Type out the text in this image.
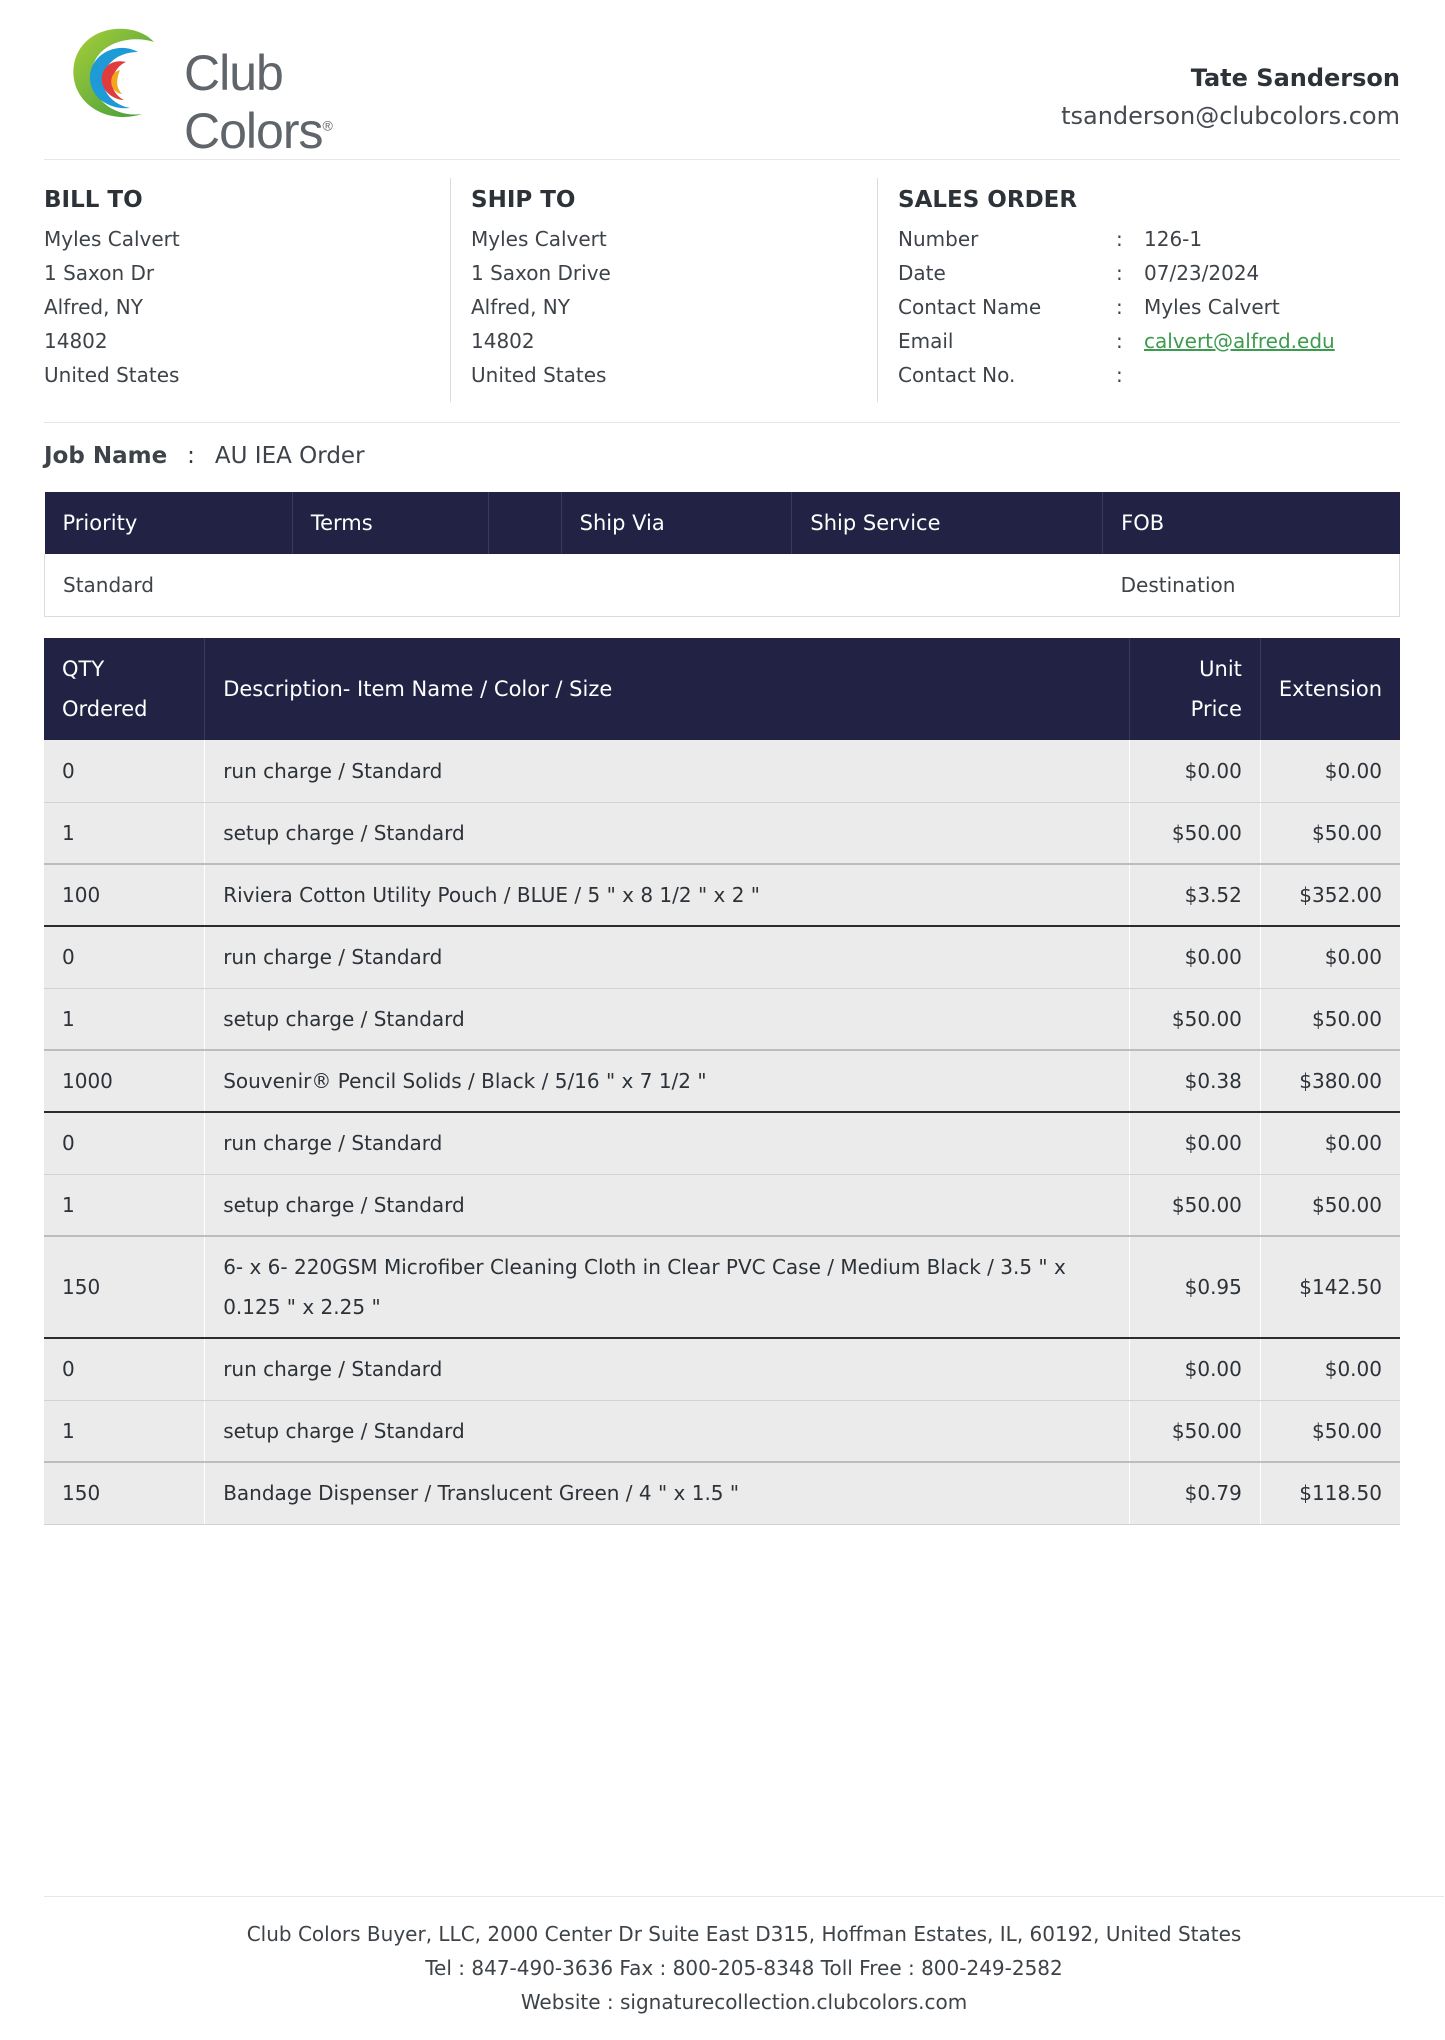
Club Colors®
Tate Sanderson
tsanderson@clubcolors.com
BILL TO
Myles Calvert
1 Saxon Dr
Alfred, NY
14802
United States
SHIP TO
Myles Calvert
1 Saxon Drive
Alfred, NY
14802
United States
SALES ORDER
Number	:	126-1
Date	:	07/23/2024
Contact Name	:	Myles Calvert
Email	:	calvert@alfred.edu
Contact No.	:
Job Name : AU IEA Order
Priority	Terms		Ship Via	Ship Service	FOB
Standard					Destination
QTY
Ordered	Description- Item Name / Color / Size	Unit
Price	Extension
0	run charge / Standard	$0.00	$0.00
1	setup charge / Standard	$50.00	$50.00
100	Riviera Cotton Utility Pouch / BLUE / 5 " x 8 1/2 " x 2 "	$3.52	$352.00
0	run charge / Standard	$0.00	$0.00
1	setup charge / Standard	$50.00	$50.00
1000	Souvenir® Pencil Solids / Black / 5/16 " x 7 1/2 "	$0.38	$380.00
0	run charge / Standard	$0.00	$0.00
1	setup charge / Standard	$50.00	$50.00
150	6- x 6- 220GSM Microfiber Cleaning Cloth in Clear PVC Case / Medium Black / 3.5 " x 0.125 " x 2.25 "	$0.95	$142.50
0	run charge / Standard	$0.00	$0.00
1	setup charge / Standard	$50.00	$50.00
150	Bandage Dispenser / Translucent Green / 4 " x 1.5 "	$0.79	$118.50
Club Colors Buyer, LLC, 2000 Center Dr Suite East D315, Hoffman Estates, IL, 60192, United States
Tel : 847-490-3636 Fax : 800-205-8348 Toll Free : 800-249-2582
Website : signaturecollection.clubcolors.com
